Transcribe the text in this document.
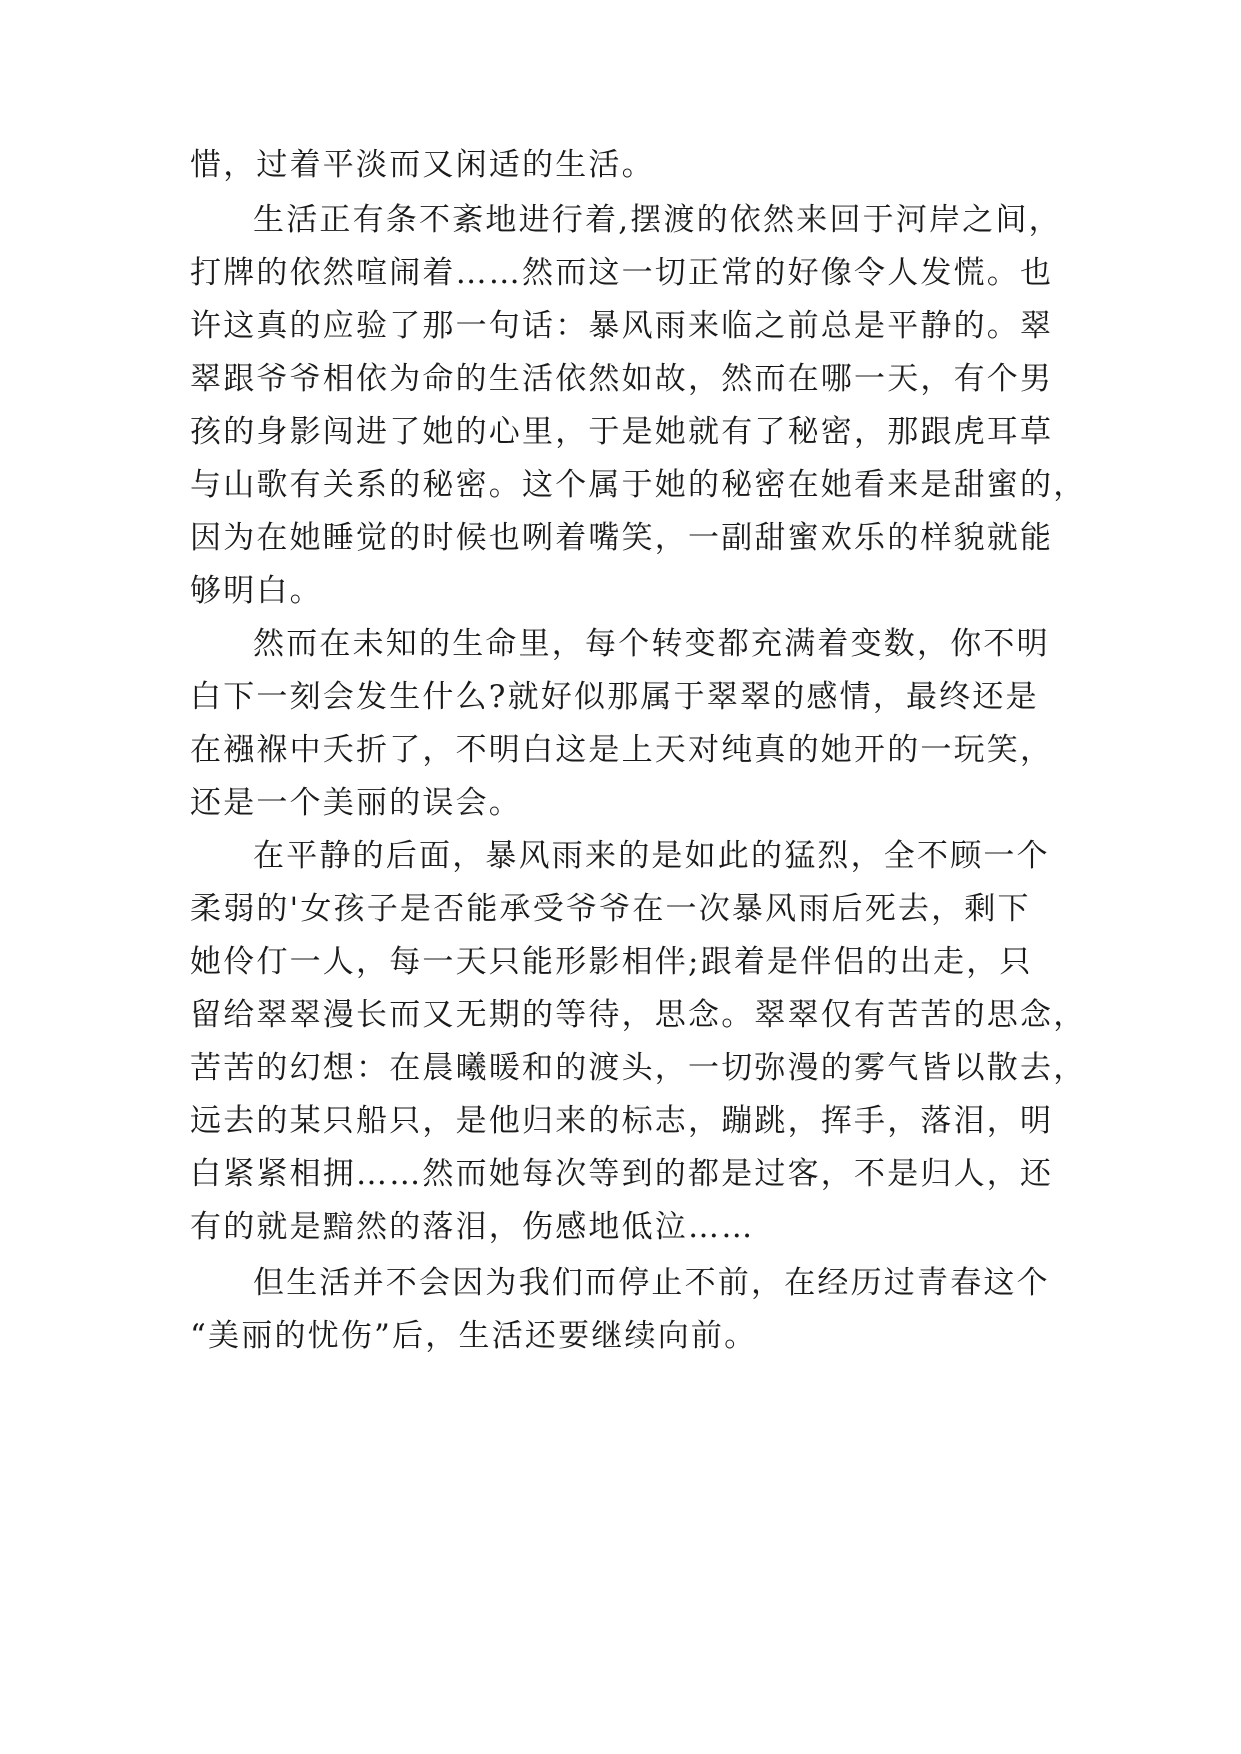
惜，过着平淡而又闲适的生活。
生活正有条不紊地进行着,摆渡的依然来回于河岸之间，
打牌的依然喧闹着……然而这一切正常的好像令人发慌。也
许这真的应验了那一句话：暴风雨来临之前总是平静的。翠
翠跟爷爷相依为命的生活依然如故，然而在哪一天，有个男
孩的身影闯进了她的心里，于是她就有了秘密，那跟虎耳草
与山歌有关系的秘密。这个属于她的秘密在她看来是甜蜜的，
因为在她睡觉的时候也咧着嘴笑，一副甜蜜欢乐的样貌就能
够明白。
然而在未知的生命里，每个转变都充满着变数，你不明
白下一刻会发生什么?就好似那属于翠翠的感情，最终还是
在襁褓中夭折了，不明白这是上天对纯真的她开的一玩笑，
还是一个美丽的误会。
在平静的后面，暴风雨来的是如此的猛烈，全不顾一个
柔弱的'女孩子是否能承受爷爷在一次暴风雨后死去，剩下
她伶仃一人，每一天只能形影相伴;跟着是伴侣的出走，只
留给翠翠漫长而又无期的等待，思念。翠翠仅有苦苦的思念，
苦苦的幻想：在晨曦暖和的渡头，一切弥漫的雾气皆以散去，
远去的某只船只，是他归来的标志，蹦跳，挥手，落泪，明
白紧紧相拥……然而她每次等到的都是过客，不是归人，还
有的就是黯然的落泪，伤感地低泣……
但生活并不会因为我们而停止不前，在经历过青春这个
“美丽的忧伤”后，生活还要继续向前。
